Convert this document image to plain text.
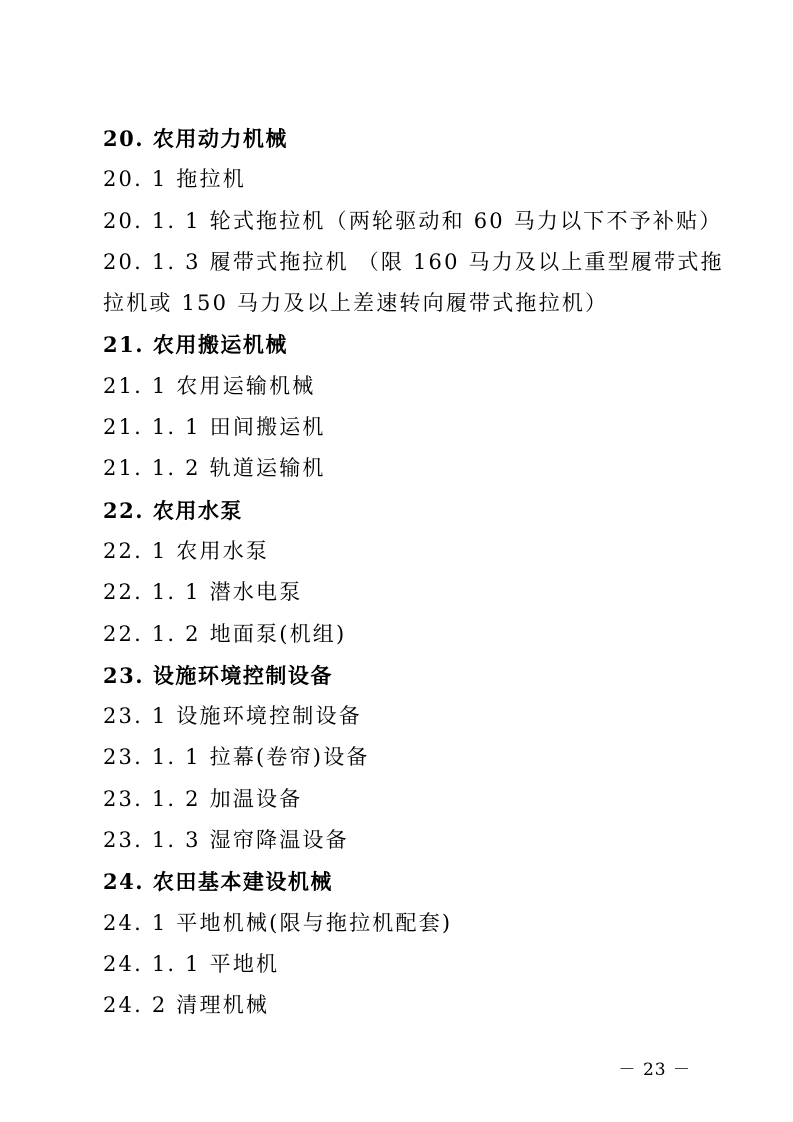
20. 农用动力机械
20. 1 拖拉机
20. 1. 1 轮式拖拉机（两轮驱动和 60 马力以下不予补贴）
20. 1. 3 履带式拖拉机 （限 160 马力及以上重型履带式拖
拉机或 150 马力及以上差速转向履带式拖拉机）
21. 农用搬运机械
21. 1 农用运输机械
21. 1. 1 田间搬运机
21. 1. 2 轨道运输机
22. 农用水泵
22. 1 农用水泵
22. 1. 1 潜水电泵
22. 1. 2 地面泵(机组)
23. 设施环境控制设备
23. 1 设施环境控制设备
23. 1. 1 拉幕(卷帘)设备
23. 1. 2 加温设备
23. 1. 3 湿帘降温设备
24. 农田基本建设机械
24. 1 平地机械(限与拖拉机配套)
24. 1. 1 平地机
24. 2 清理机械
－ 23 －
